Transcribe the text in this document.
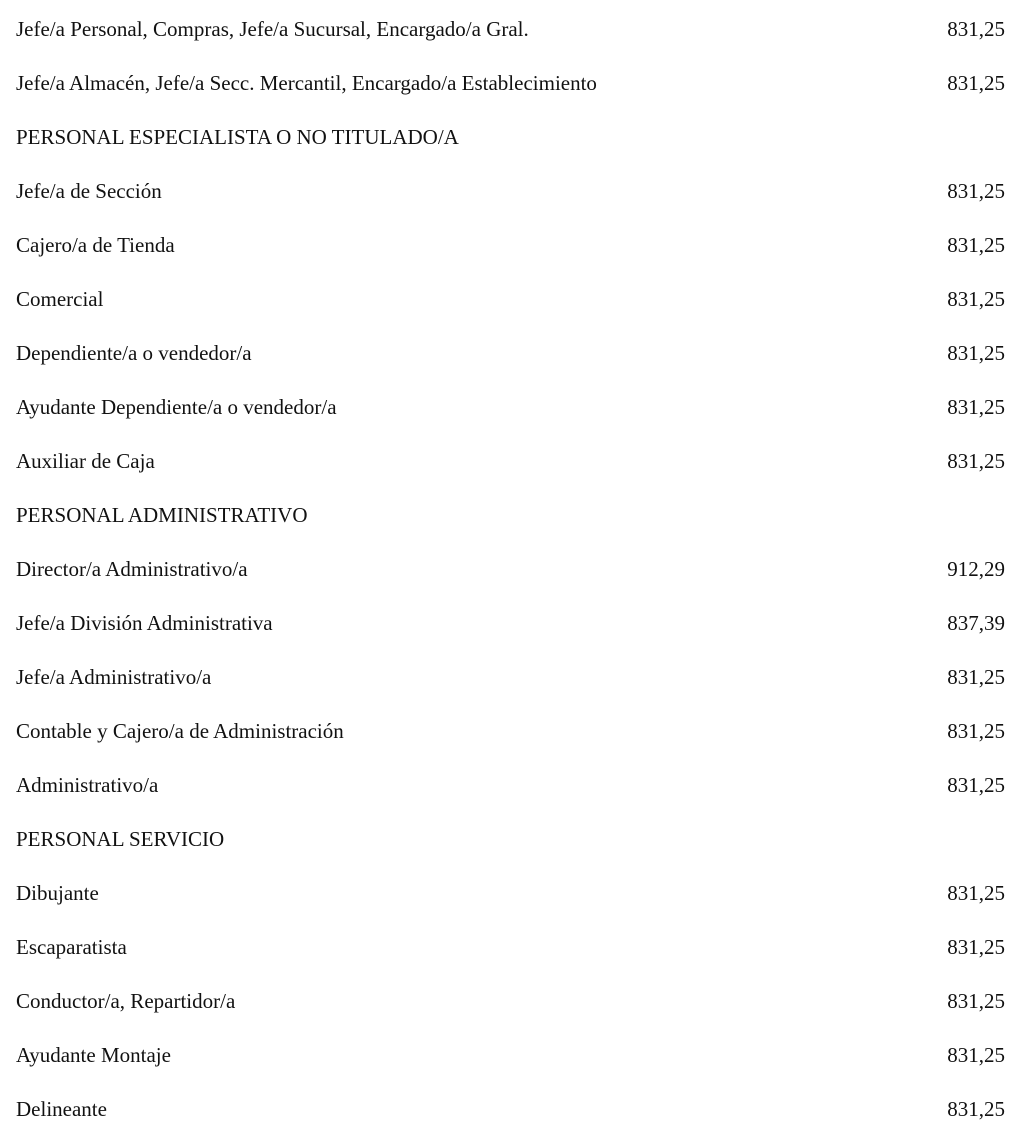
Jefe/a Personal, Compras, Jefe/a Sucursal, Encargado/a Gral.	831,25
Jefe/a Almacén, Jefe/a Secc. Mercantil, Encargado/a Establecimiento	831,25
PERSONAL ESPECIALISTA O NO TITULADO/A
Jefe/a de Sección	831,25
Cajero/a de Tienda	831,25
Comercial	831,25
Dependiente/a o vendedor/a	831,25
Ayudante Dependiente/a o vendedor/a	831,25
Auxiliar de Caja	831,25
PERSONAL ADMINISTRATIVO
Director/a Administrativo/a	912,29
Jefe/a División Administrativa	837,39
Jefe/a Administrativo/a	831,25
Contable y Cajero/a de Administración	831,25
Administrativo/a	831,25
PERSONAL SERVICIO
Dibujante	831,25
Escaparatista	831,25
Conductor/a, Repartidor/a	831,25
Ayudante Montaje	831,25
Delineante	831,25
